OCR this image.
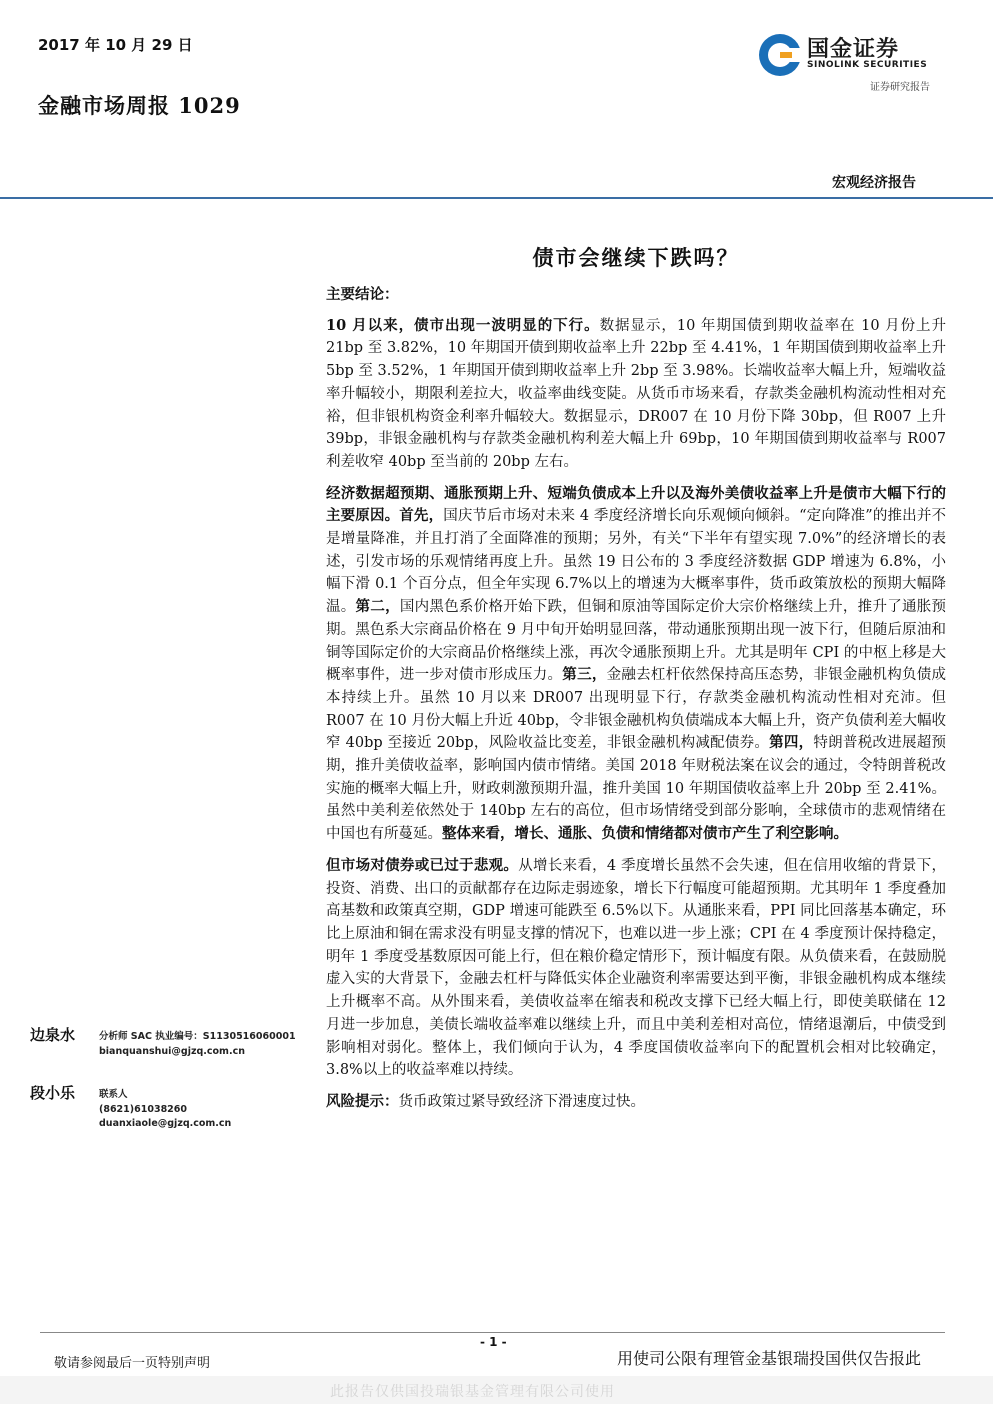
2017 年 10 月 29 日
金融市场周报 1029
国金证券
SINOLINK SECURITIES
证券研究报告
宏观经济报告
债市会继续下跌吗？

主要结论：

10 月以来，债市出现一波明显的下行。数据显示，10 年期国债到期收益率在 10 月份上升 21bp 至 3.82%，10 年期国开债到期收益率上升 22bp 至 4.41%，1 年期国债到期收益率上升 5bp 至 3.52%，1 年期国开债到期收益率上升 2bp 至 3.98%。长端收益率大幅上升，短端收益率升幅较小，期限利差拉大，收益率曲线变陡。从货币市场来看，存款类金融机构流动性相对充裕，但非银机构资金利率升幅较大。数据显示，DR007 在 10 月份下降 30bp，但 R007 上升 39bp，非银金融机构与存款类金融机构利差大幅上升 69bp，10 年期国债到期收益率与 R007 利差收窄 40bp 至当前的 20bp 左右。

经济数据超预期、通胀预期上升、短端负债成本上升以及海外美债收益率上升是债市大幅下行的主要原因。首先，国庆节后市场对未来 4 季度经济增长向乐观倾向倾斜。“定向降准”的推出并不是增量降准，并且打消了全面降准的预期；另外，有关“下半年有望实现 7.0%”的经济增长的表述，引发市场的乐观情绪再度上升。虽然 19 日公布的 3 季度经济数据 GDP 增速为 6.8%，小幅下滑 0.1 个百分点，但全年实现 6.7%以上的增速为大概率事件，货币政策放松的预期大幅降温。第二，国内黑色系价格开始下跌，但铜和原油等国际定价大宗价格继续上升，推升了通胀预期。黑色系大宗商品价格在 9 月中旬开始明显回落，带动通胀预期出现一波下行，但随后原油和铜等国际定价的大宗商品价格继续上涨，再次令通胀预期上升。尤其是明年 CPI 的中枢上移是大概率事件，进一步对债市形成压力。第三，金融去杠杆依然保持高压态势，非银金融机构负债成本持续上升。虽然 10 月以来 DR007 出现明显下行，存款类金融机构流动性相对充沛。但 R007 在 10 月份大幅上升近 40bp，令非银金融机构负债端成本大幅上升，资产负债利差大幅收窄 40bp 至接近 20bp，风险收益比变差，非银金融机构减配债券。第四，特朗普税改进展超预期，推升美债收益率，影响国内债市情绪。美国 2018 年财税法案在议会的通过，令特朗普税改实施的概率大幅上升，财政刺激预期升温，推升美国 10 年期国债收益率上升 20bp 至 2.41%。虽然中美利差依然处于 140bp 左右的高位，但市场情绪受到部分影响，全球债市的悲观情绪在中国也有所蔓延。整体来看，增长、通胀、负债和情绪都对债市产生了利空影响。

但市场对债券或已过于悲观。从增长来看，4 季度增长虽然不会失速，但在信用收缩的背景下，投资、消费、出口的贡献都存在边际走弱迹象，增长下行幅度可能超预期。尤其明年 1 季度叠加高基数和政策真空期，GDP 增速可能跌至 6.5%以下。从通胀来看，PPI 同比回落基本确定，环比上原油和铜在需求没有明显支撑的情况下，也难以进一步上涨；CPI 在 4 季度预计保持稳定，明年 1 季度受基数原因可能上行，但在粮价稳定情形下，预计幅度有限。从负债来看，在鼓励脱虚入实的大背景下，金融去杠杆与降低实体企业融资利率需要达到平衡，非银金融机构成本继续上升概率不高。从外围来看，美债收益率在缩表和税改支撑下已经大幅上行，即使美联储在 12 月进一步加息，美债长端收益率难以继续上升，而且中美利差相对高位，情绪退潮后，中债受到影响相对弱化。整体上，我们倾向于认为，4 季度国债收益率向下的配置机会相对比较确定，3.8%以上的收益率难以持续。

风险提示：货币政策过紧导致经济下滑速度过快。

边泉水	分析师 SAC 执业编号：S1130516060001
bianquanshui@gjzq.com.cn
段小乐	联系人
(8621)61038260
duanxiaole@gjzq.com.cn
- 1 -
敬请参阅最后一页特别声明	用使司公限有理管金基银瑞投国供仅告报此
此报告仅供国投瑞银基金管理有限公司使用
